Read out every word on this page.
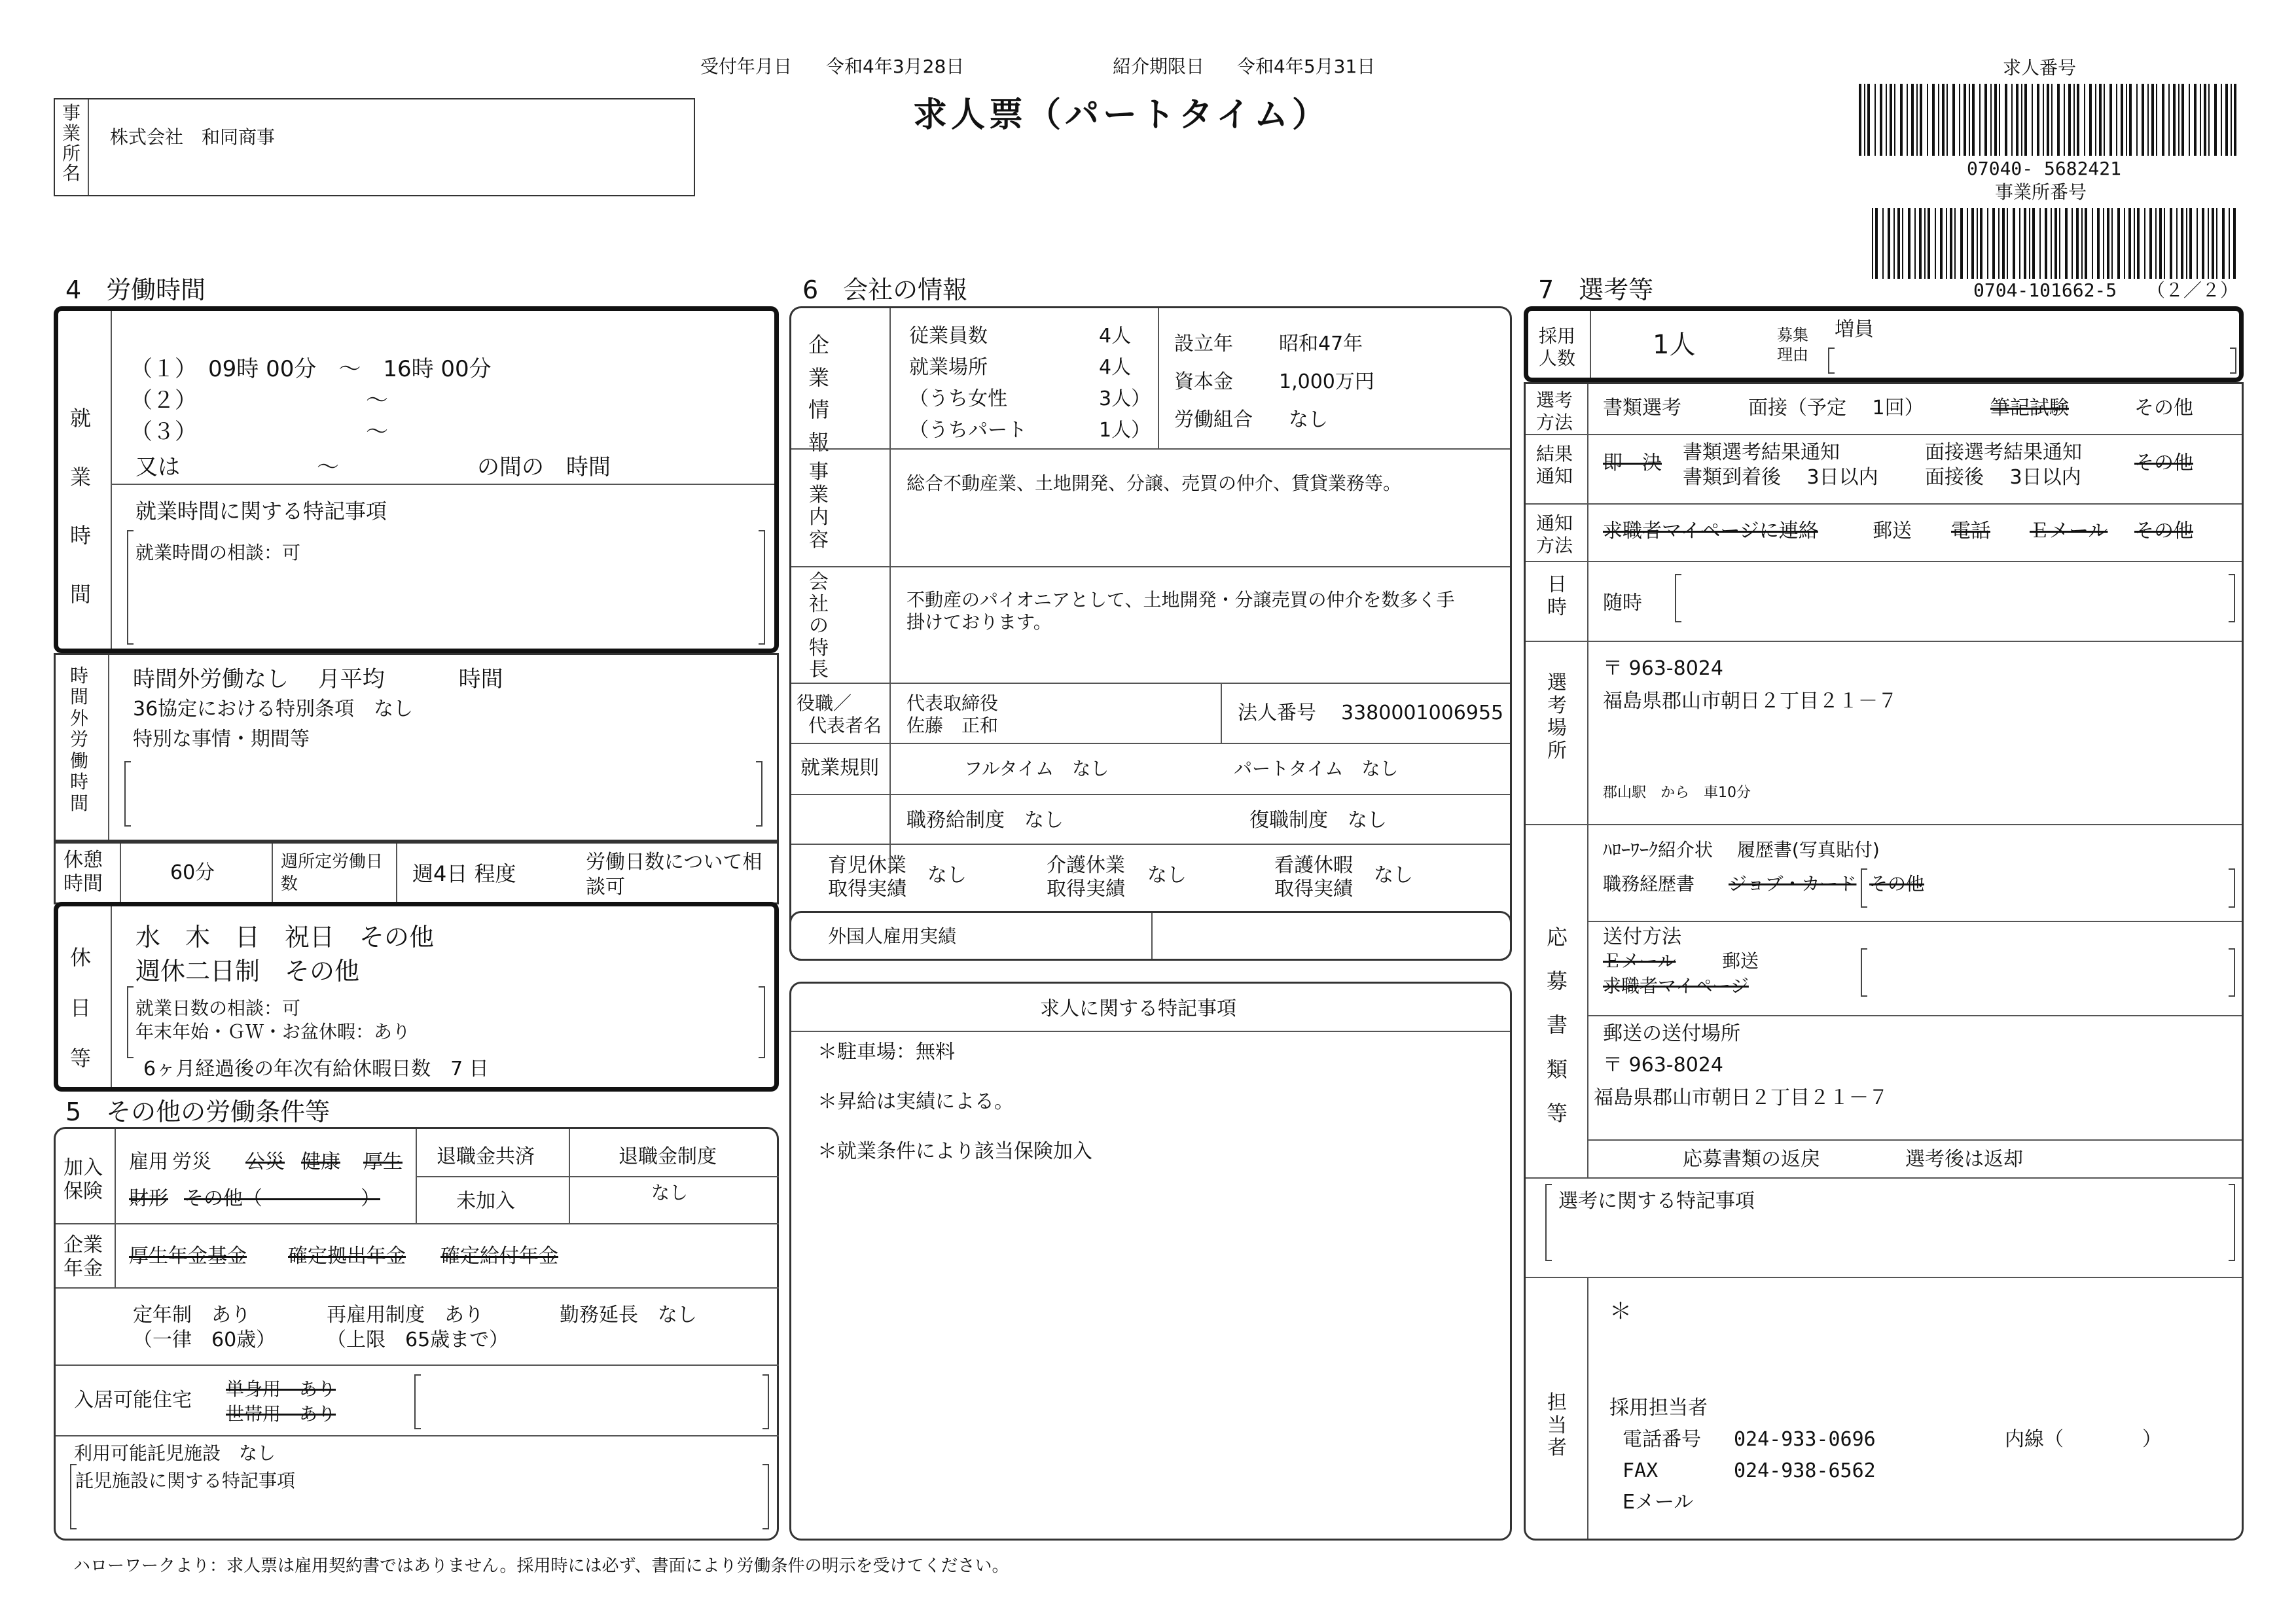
受付年月日 令和4年3月28日	紹介期限日 令和4年5月31日
求人票（パートタイム）
事業所名
株式会社　和同商事
求人番号
07040- 5682421
事業所番号
0704-101662-5 （２／２）
4　労働時間
就業時間
（１）　09時 00分　～　16時 00分
（２）	～
（３）	～
又は	～	の間の　時間
就業時間に関する特記事項
就業時間の相談：可
時間外労働時間
時間外労働なし　 月平均　　　 時間
36協定における特別条項　なし
特別な事情・期間等
休憩時間	60分	週所定労働日数	週4日 程度	労働日数について相談可
休日等
水　木　日　祝日　その他
週休二日制　その他
就業日数の相談：可
年末年始・ＧＷ・お盆休暇：あり
6ヶ月経過後の年次有給休暇日数　7 日
5　その他の労働条件等
加入保険
雇用 労災 公災 健康 厚生
財形 その他（　　　　　）
退職金共済
未加入
退職金制度
なし
企業年金
厚生年金基金 確定拠出年金 確定給付年金
定年制　あり
（一律　60歳）
再雇用制度　あり
（上限　65歳まで）
勤務延長　なし
入居可能住宅 単身用　あり
世帯用　あり
利用可能託児施設　なし
託児施設に関する特記事項
6　会社の情報
企業情報
従業員数	4人
就業場所	4人
（うち女性	3人）
（うちパート	1人）
設立年 昭和47年
資本金 1,000万円
労働組合 なし
事業内容
総合不動産業、土地開発、分譲、売買の仲介、賃貸業務等。
会社の特長
不動産のパイオニアとして、土地開発・分譲売買の仲介を数多く手
掛けております。
役職／
代表者名
代表取締役
佐藤　正和
法人番号 3380001006955
就業規則	フルタイム　なし	パートタイム　なし
職務給制度　なし	復職制度　なし
育児休業取得実績
なし	介護休業取得実績
なし	看護休暇取得実績
なし
外国人雇用実績
求人に関する特記事項
＊駐車場：無料
＊昇給は実績による。
＊就業条件により該当保険加入
7　選考等
採用人数	1人	募集理由
増員
選考方法
書類選考	面接（予定　 1回）	筆記試験	その他
結果通知
即　決 書類選考結果通知
書類到着後　 3日以内
面接選考結果通知
面接後　 3日以内
その他
通知方法
求職者マイページに連絡	郵送 電話 Ｅメール その他
日時 随時
選考場所
〒 963-8024
福島県郡山市朝日２丁目２１－７
郡山駅　から　車10分
応募書類等
ﾊﾛｰﾜｰｸ紹介状　 履歴書(写真貼付)
職務経歴書 ジョブ・カード その他
送付方法
Ｅメール	郵送
求職者マイページ
郵送の送付場所
〒 963-8024
福島県郡山市朝日２丁目２１－７
応募書類の返戻	選考後は返却
選考に関する特記事項
担当者
＊
採用担当者
電話番号 024-933-0696	内線（　　　　）
FAX	024-938-6562
Eメール
ハローワークより：求人票は雇用契約書ではありません。採用時には必ず、書面により労働条件の明示を受けてください。
